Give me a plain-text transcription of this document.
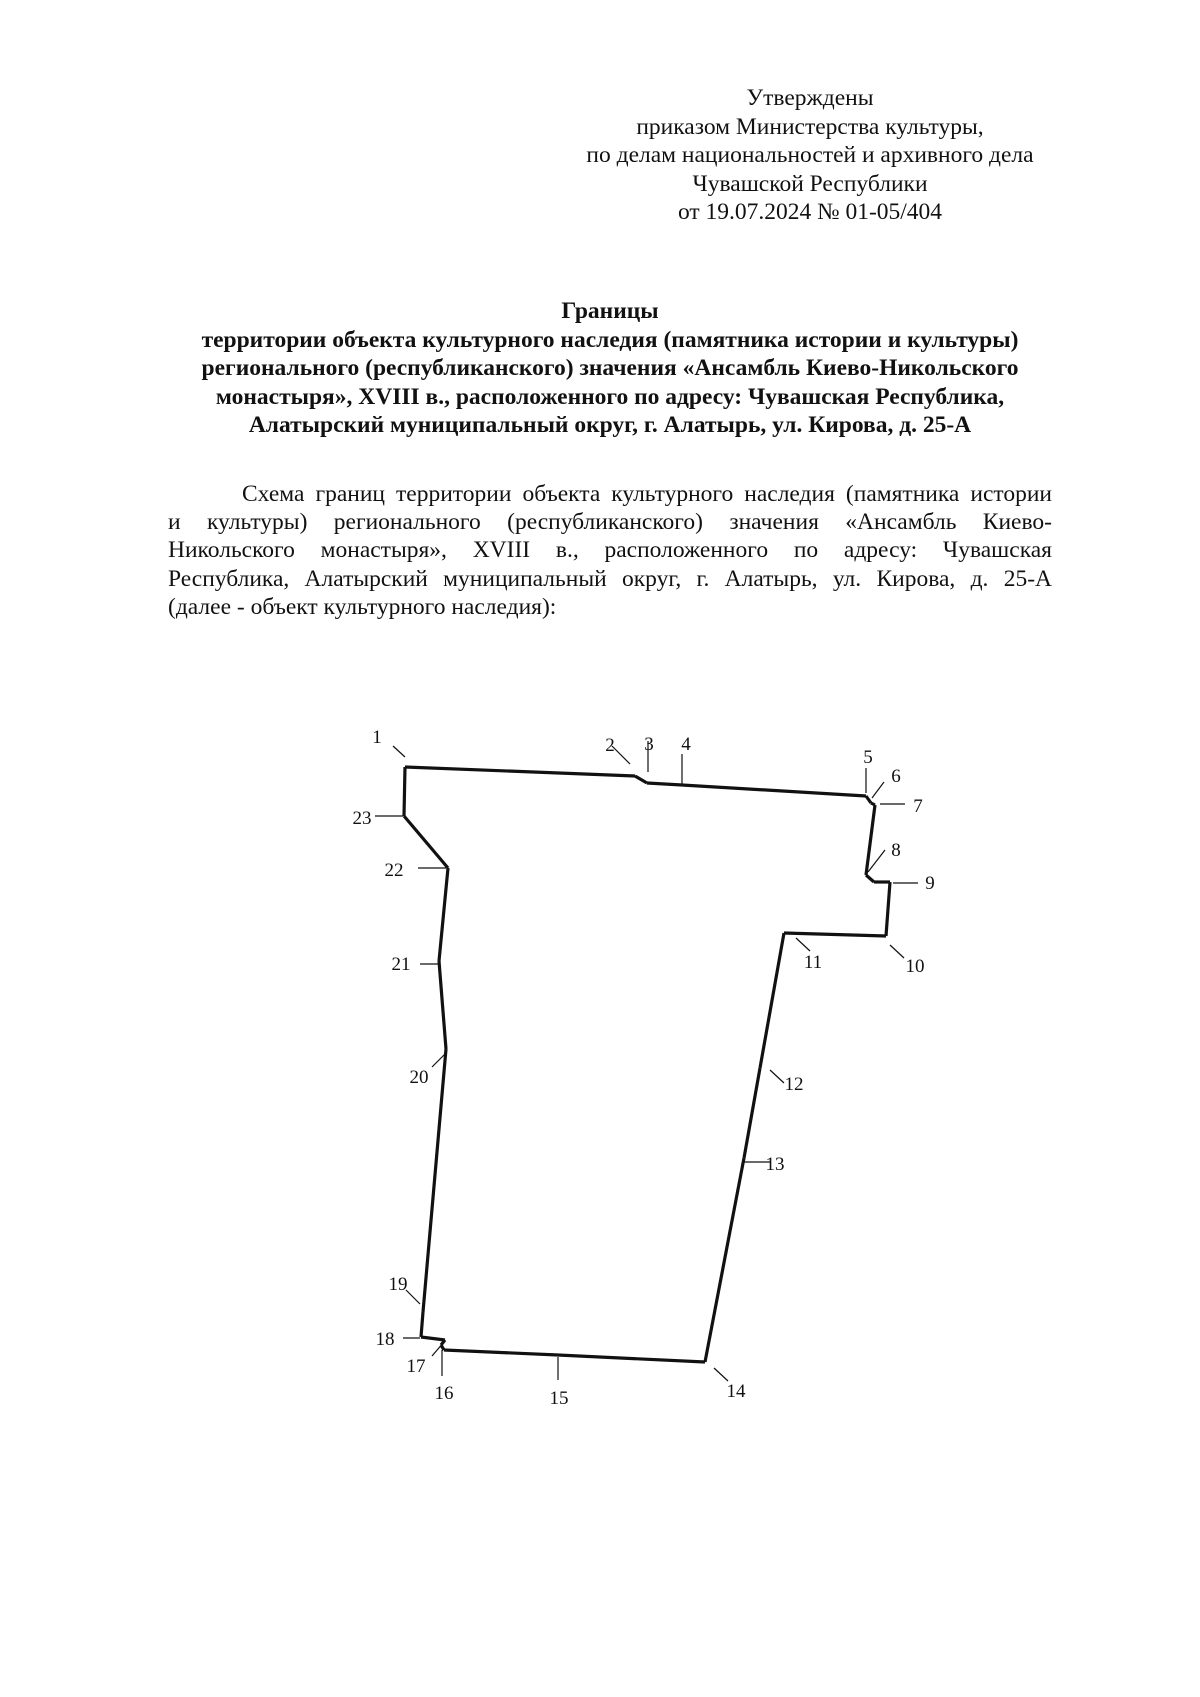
Утверждены
приказом Министерства культуры,
по делам национальностей и архивного дела
Чувашской Республики
от 19.07.2024 № 01-05/404
Границы
территории объекта культурного наследия (памятника истории и культуры)
регионального (республиканского) значения «Ансамбль Киево-Никольского
монастыря», XVIII в., расположенного по адресу: Чувашская Республика,
Алатырский муниципальный округ, г. Алатырь, ул. Кирова, д. 25-А
Схема границ территории объекта культурного наследия (памятника истории
и культуры) регионального (республиканского) значения «Ансамбль Киево-
Никольского монастыря», XVIII в., расположенного по адресу: Чувашская
Республика, Алатырский муниципальный округ, г. Алатырь, ул. Кирова, д. 25-А
(далее - объект культурного наследия):
1	2 3 4
5
6
7
8
9
10
11
12
13
14
15
16
17
18
19
20
21
22
23
